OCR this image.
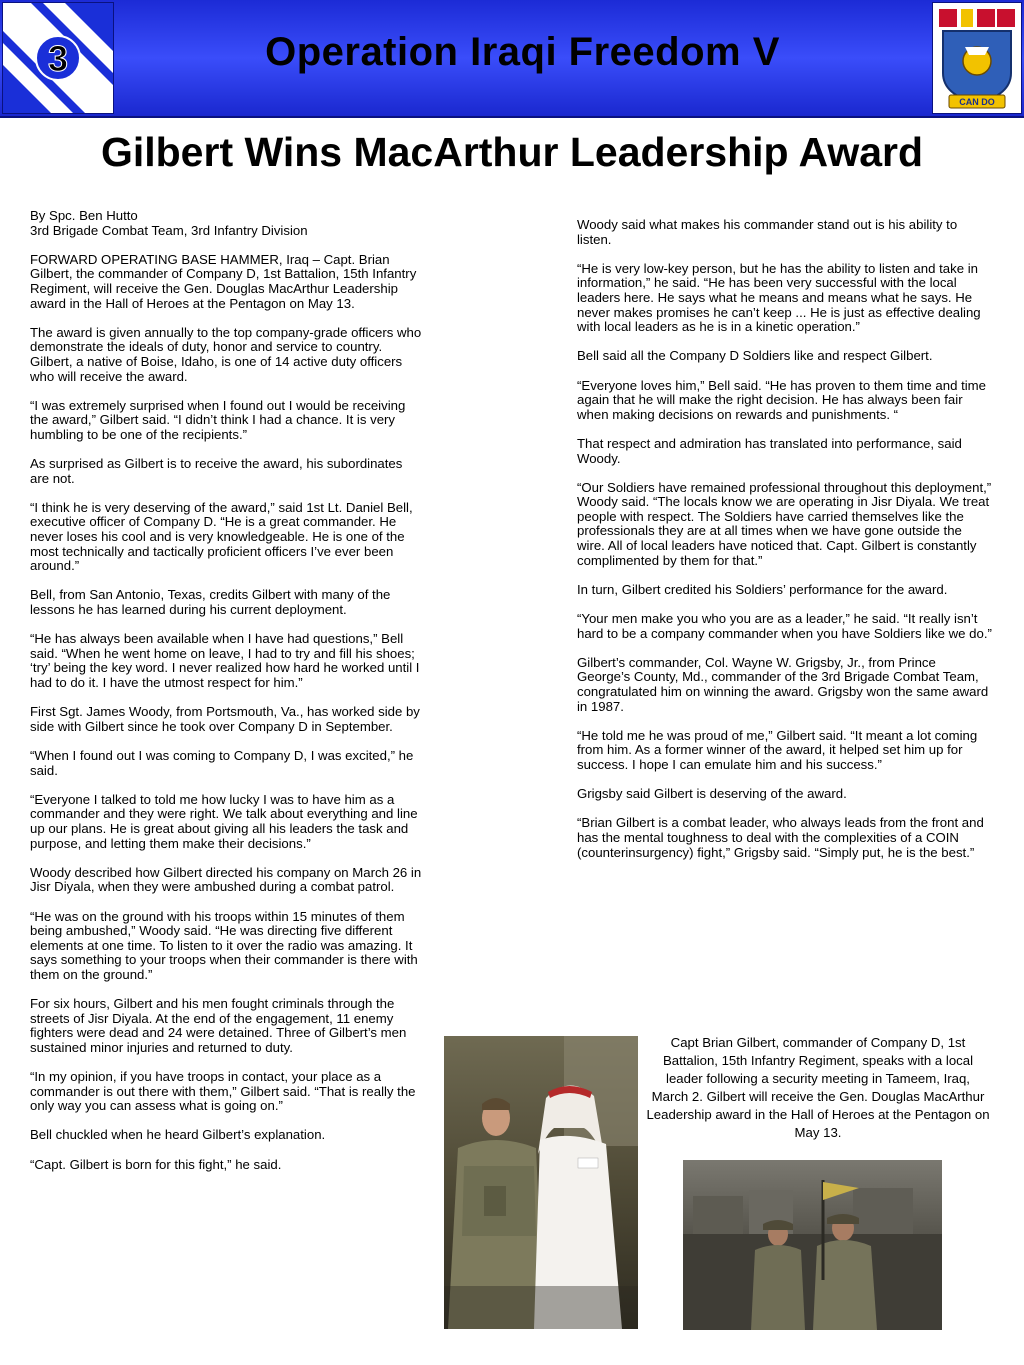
3	Operation Iraqi Freedom V
CAN DO
Gilbert Wins MacArthur Leadership Award

By Spc. Ben Hutto
3rd Brigade Combat Team, 3rd Infantry Division

FORWARD OPERATING BASE HAMMER, Iraq – Capt. Brian Gilbert, the commander of Company D, 1st Battalion, 15th Infantry Regiment, will receive the Gen. Douglas MacArthur Leadership award in the Hall of Heroes at the Pentagon on May 13.

The award is given annually to the top company-grade officers who demonstrate the ideals of duty, honor and service to country. Gilbert, a native of Boise, Idaho, is one of 14 active duty officers who will receive the award.

“I was extremely surprised when I found out I would be receiving the award,” Gilbert said. “I didn’t think I had a chance. It is very humbling to be one of the recipients.”

As surprised as Gilbert is to receive the award, his subordinates are not.

“I think he is very deserving of the award,” said 1st Lt. Daniel Bell, executive officer of Company D. “He is a great commander. He never loses his cool and is very knowledgeable. He is one of the most technically and tactically proficient officers I’ve ever been around.”

Bell, from San Antonio, Texas, credits Gilbert with many of the lessons he has learned during his current deployment.

“He has always been available when I have had questions,” Bell said. “When he went home on leave, I had to try and fill his shoes; ‘try’ being the key word. I never realized how hard he worked until I had to do it. I have the utmost respect for him.”

First Sgt. James Woody, from Portsmouth, Va., has worked side by side with Gilbert since he took over Company D in September.

“When I found out I was coming to Company D, I was excited,” he said.

“Everyone I talked to told me how lucky I was to have him as a commander and they were right. We talk about everything and line up our plans. He is great about giving all his leaders the task and purpose, and letting them make their decisions.”

Woody described how Gilbert directed his company on March 26 in Jisr Diyala, when they were ambushed during a combat patrol.

“He was on the ground with his troops within 15 minutes of them being ambushed,” Woody said. “He was directing five different elements at one time. To listen to it over the radio was amazing. It says something to your troops when their commander is there with them on the ground.”

For six hours, Gilbert and his men fought criminals through the streets of Jisr Diyala. At the end of the engagement, 11 enemy fighters were dead and 24 were detained. Three of Gilbert’s men sustained minor injuries and returned to duty.

“In my opinion, if you have troops in contact, your place as a commander is out there with them,” Gilbert said. “That is really the only way you can assess what is going on.”

Bell chuckled when he heard Gilbert’s explanation.

“Capt. Gilbert is born for this fight,” he said.

Woody said what makes his commander stand out is his ability to listen.

“He is very low-key person, but he has the ability to listen and take in information,” he said. “He has been very successful with the local leaders here. He says what he means and means what he says. He never makes promises he can’t keep ... He is just as effective dealing with local leaders as he is in a kinetic operation.”

Bell said all the Company D Soldiers like and respect Gilbert.

“Everyone loves him,” Bell said. “He has proven to them time and time again that he will make the right decision. He has always been fair when making decisions on rewards and punishments. “

That respect and admiration has translated into performance, said Woody.

“Our Soldiers have remained professional throughout this deployment,” Woody said. “The locals know we are operating in Jisr Diyala. We treat people with respect. The Soldiers have carried themselves like the professionals they are at all times when we have gone outside the wire. All of local leaders have noticed that. Capt. Gilbert is constantly complimented by them for that.”

In turn, Gilbert credited his Soldiers’ performance for the award.

“Your men make you who you are as a leader,” he said. “It really isn’t hard to be a company commander when you have Soldiers like we do.”

Gilbert’s commander, Col. Wayne W. Grigsby, Jr., from Prince George’s County, Md., commander of the 3rd Brigade Combat Team, congratulated him on winning the award. Grigsby won the same award in 1987.

“He told me he was proud of me,” Gilbert said. “It meant a lot coming from him. As a former winner of the award, it helped set him up for success. I hope I can emulate him and his success.”

Grigsby said Gilbert is deserving of the award.

“Brian Gilbert is a combat leader, who always leads from the front and has the mental toughness to deal with the complexities of a COIN (counterinsurgency) fight,” Grigsby said. “Simply put, he is the best.”

Capt Brian Gilbert, commander of Company D, 1st Battalion, 15th Infantry Regiment, speaks with a local leader following a security meeting in Tameem, Iraq, March 2. Gilbert will receive the Gen. Douglas MacArthur Leadership award in the Hall of Heroes at the Pentagon on May 13.
